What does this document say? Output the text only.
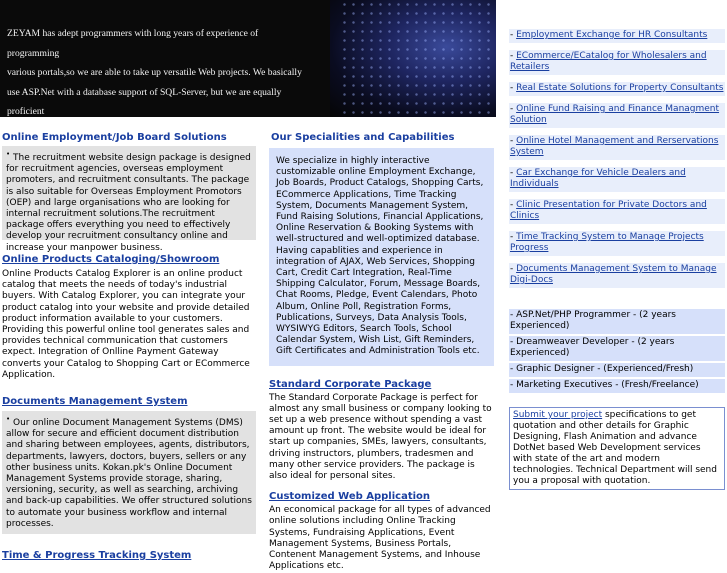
ZEYAM has adept programmers with long years of experience of programming
various portals,so we are able to take up versatile Web projects. We basically
use ASP.Net with a database support of SQL-Server, but we are equally proficient

Online Employment/Job Board Solutions
• The recruitment website design package is designed for recruitment agencies, overseas employment promoters, and recruitment consultants. The package is also suitable for Overseas Employment Promotors (OEP) and large organisations who are looking for internal recruitment solutions.The recruitment package offers everything you need to effectively develop your recruitment consultancy online and increase your manpower business.
Online Products Cataloging/Showroom
Online Products Catalog Explorer is an online product catalog that meets the needs of today's industrial buyers. With Catalog Explorer, you can integrate your product catalog into your website and provide detailed product information available to your customers. Providing this powerful online tool generates sales and provides technical communication that customers expect. Integration of Onlline Payment Gateway converts your Catalog to Shopping Cart or ECommerce Application.
Documents Management System
• Our online Document Management Systems (DMS) allow for secure and efficient document distribution and sharing between employees, agents, distributors, departments, lawyers, doctors, buyers, sellers or any other business units. Kokan.pk's Online Document Management Systems provide storage, sharing, versioning, security, as well as searching, archiving and back-up capabilities. We offer structured solutions to automate your business workflow and internal processes.
Time & Progress Tracking System
Our Specialities and Capabilities
We specialize in highly interactive customizable online Employment Exchange, Job Boards, Product Catalogs, Shopping Carts, ECommerce Applications, Time Tracking System, Documents Management System, Fund Raising Solutions, Financial Applications, Online Reservation & Booking Systems with well-structured and well-optimized database. Having capablities and experience in integration of AJAX, Web Services, Shopping Cart, Credit Cart Integration, Real-Time Shipping Calculator, Forum, Message Boards, Chat Rooms, Pledge, Event Calendars, Photo Album, Online Poll, Registration Forms, Publications, Surveys, Data Analysis Tools, WYSIWYG Editors, Search Tools, School Calendar System, Wish List, Gift Reminders, Gift Certificates and Administration Tools etc.
Standard Corporate Package
The Standard Corporate Package is perfect for almost any small business or company looking to set up a web presence without spending a vast amount up front. The website would be ideal for start up companies, SMEs, lawyers, consultants, driving instructors, plumbers, tradesmen and many other service providers. The package is also ideal for personal sites.
Customized Web Application
An economical package for all types of advanced online solutions including Online Tracking Systems, Fundraising Applications, Event Management Systems, Business Portals, Contenent Management Systems, and Inhouse Applications etc.
- Employment Exchange for HR Consultants
- ECommerce/ECatalog for Wholesalers and Retailers
- Real Estate Solutions for Property Consultants
- Online Fund Raising and Finance Managment Solution
- Online Hotel Management and Rerservations System
- Car Exchange for Vehicle Dealers and Individuals
- Clinic Presentation for Private Doctors and Clinics
- Time Tracking System to Manage Projects Progress
- Documents Management System to Manage Digi-Docs
- ASP.Net/PHP Programmer - (2 years Experienced)
- Dreamweaver Developer - (2 years Experienced)
- Graphic Designer - (Experienced/Fresh)
- Marketing Executives - (Fresh/Freelance)
Submit your project specifications to get quotation and other details for Graphic Designing, Flash Animation and advance DotNet based Web Development services with state of the art and modern technologies. Technical Department will send you a proposal with quotation.
